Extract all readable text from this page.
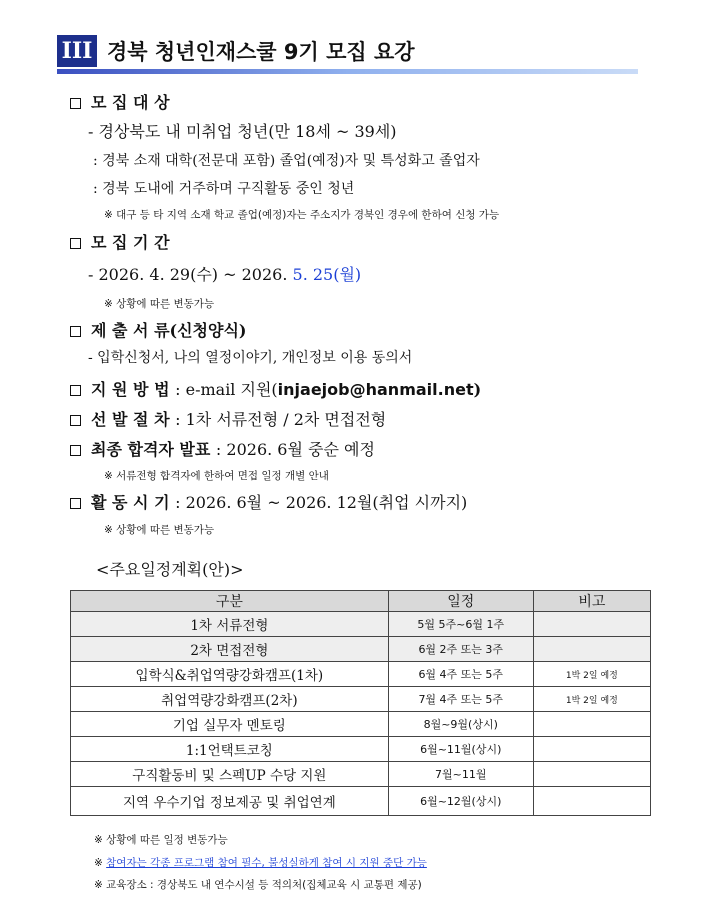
III 경북 청년인재스쿨 9기 모집 요강
모 집 대 상
- 경상북도 내 미취업 청년(만 18세 ~ 39세)
: 경북 소재 대학(전문대 포함) 졸업(예정)자 및 특성화고 졸업자
: 경북 도내에 거주하며 구직활동 중인 청년
※ 대구 등 타 지역 소재 학교 졸업(예정)자는 주소지가 경북인 경우에 한하여 신청 가능
모 집 기 간
- 2026. 4. 29(수) ~ 2026. 5. 25(월)
※ 상황에 따른 변동가능
제 출 서 류(신청양식)
- 입학신청서, 나의 열정이야기, 개인정보 이용 동의서
지 원 방 법 : e-mail 지원(injaejob@hanmail.net)
선 발 절 차 : 1차 서류전형 / 2차 면접전형
최종 합격자 발표 : 2026. 6월 중순 예정
※ 서류전형 합격자에 한하여 면접 일정 개별 안내
활 동 시 기 : 2026. 6월 ~ 2026. 12월(취업 시까지)
※ 상황에 따른 변동가능
<주요일정계획(안)>
구분	일정	비고
1차 서류전형	5월 5주~6월 1주	
2차 면접전형	6월 2주 또는 3주	
입학식&취업역량강화캠프(1차)	6월 4주 또는 5주	1박 2일 예정
취업역량강화캠프(2차)	7월 4주 또는 5주	1박 2일 예정
기업 실무자 멘토링	8월~9월(상시)	
1:1언택트코칭	6월~11월(상시)	
구직활동비 및 스펙UP 수당 지원	7월~11월	
지역 우수기업 정보제공 및 취업연계	6월~12월(상시)	
※ 상황에 따른 일정 변동가능
※ 참여자는 각종 프로그램 참여 필수, 불성실하게 참여 시 지원 중단 가능
※ 교육장소 : 경상북도 내 연수시설 등 적의처(집체교육 시 교통편 제공)
